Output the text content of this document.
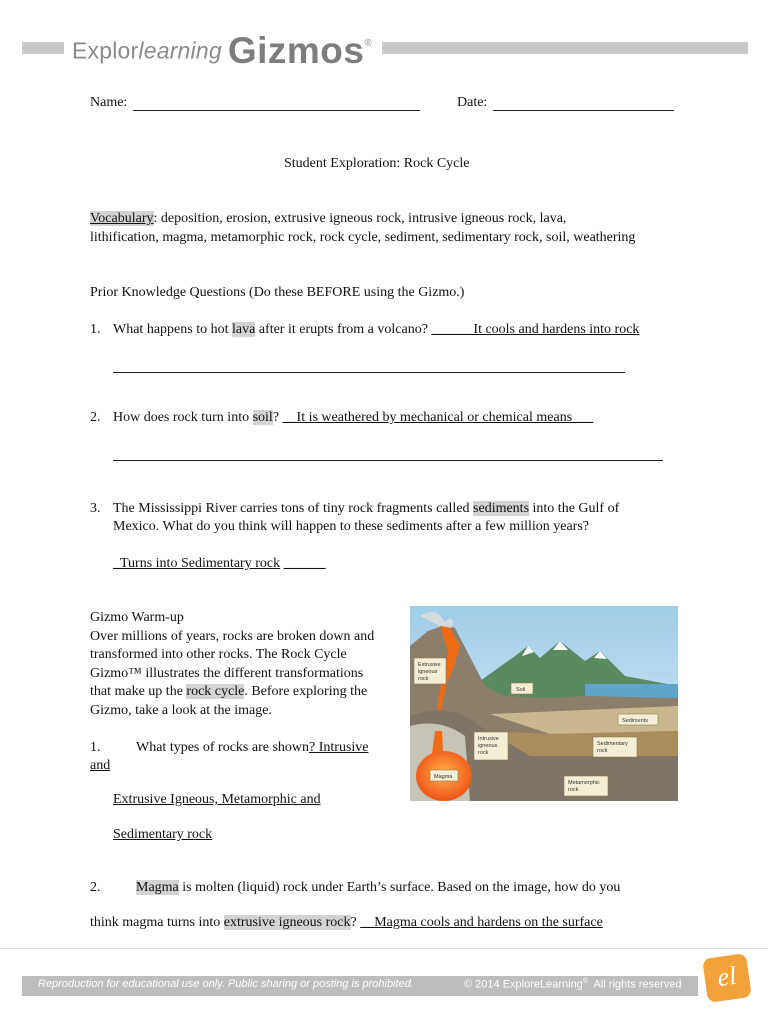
Explorlearning Gizmos®
Name:	Date:
Student Exploration: Rock Cycle
Vocabulary: deposition, erosion, extrusive igneous rock, intrusive igneous rock, lava,
lithification, magma, metamorphic rock, rock cycle, sediment, sedimentary rock, soil, weathering
Prior Knowledge Questions (Do these BEFORE using the Gizmo.)
1. What happens to hot lava after it erupts from a volcano? ______It cools and hardens into rock
2. How does rock turn into soil? __It is weathered by mechanical or chemical means___
3. The Mississippi River carries tons of tiny rock fragments called sediments into the Gulf of
Mexico. What do you think will happen to these sediments after a few million years?
_Turns into Sedimentary rock ______
Gizmo Warm-up
Over millions of years, rocks are broken down and
transformed into other rocks. The Rock Cycle
Gizmo™ illustrates the different transformations
that make up the rock cycle. Before exploring the
Gizmo, take a look at the image.
1.	What types of rocks are shown? Intrusive
and
Extrusive Igneous, Metamorphic and
Sedimentary rock
2.	Magma is molten (liquid) rock under Earth’s surface. Based on the image, how do you
think magma turns into extrusive igneous rock? __Magma cools and hardens on the surface
Extrusive
igneous
rock
Soil
Sediments
Intrusive
igneous
rock
Sedimentary
rock
Magma
Metamorphic
rock
Reproduction for educational use only. Public sharing or posting is prohibited.	© 2014 ExploreLearning® All rights reserved	el
